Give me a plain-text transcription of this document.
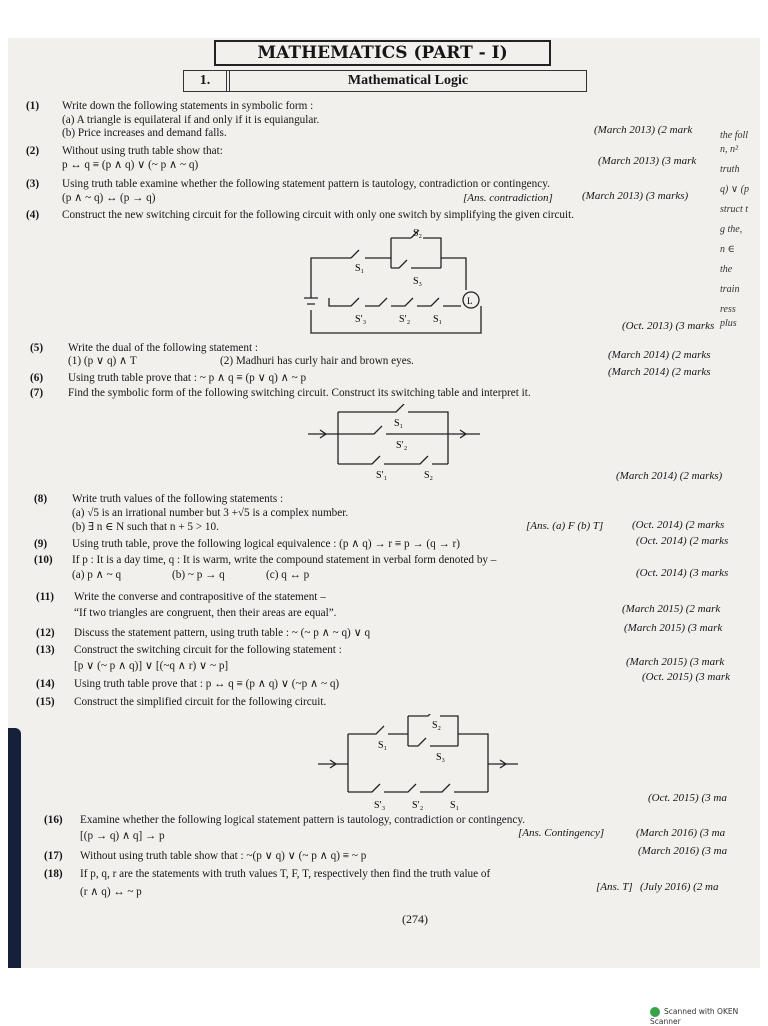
MATHEMATICS (PART - I)
1.	Mathematical Logic
(1) Write down the following statements in symbolic form :
(a) A triangle is equilateral if and only if it is equiangular.
(b) Price increases and demand falls.	(March 2013) (2 mark
(2) Without using truth table show that:
p ↔ q ≡ (p ∧ q) ∨ (~ p ∧ ~ q)	(March 2013) (3 mark
(3) Using truth table examine whether the following statement pattern is tautology, contradiction or contingency.
(p ∧ ~ q) ↔ (p → q)	[Ans. contradiction]	(March 2013) (3 marks)
(4) Construct the new switching circuit for the following circuit with only one switch by simplifying the given circuit.
S₂
S₁
S₃
S′₃	S′₂ S₁
L
(Oct. 2013) (3 marks
(5) Write the dual of the following statement :
(1) (p ∨ q) ∧ T	(2) Madhuri has curly hair and brown eyes.	(March 2014) (2 marks
(6) Using truth table prove that : ~ p ∧ q ≡ (p ∨ q) ∧ ~ p	(March 2014) (2 marks
(7) Find the symbolic form of the following switching circuit. Construct its switching table and interpret it.
S₁
S′₂
S′₁	S₂	(March 2014) (2 marks)
(8) Write truth values of the following statements :
(a) √5 is an irrational number but 3 +√5 is a complex number.
(b) ∃ n ∈ N such that n + 5 > 10.	[Ans. (a) F (b) T]	(Oct. 2014) (2 marks
(9) Using truth table, prove the following logical equivalence : (p ∧ q) → r ≡ p → (q → r)	(Oct. 2014) (2 marks
(10) If p : It is a day time, q : It is warm, write the compound statement in verbal form denoted by –
(a) p ∧ ~ q	(b) ~ p → q	(c) q ↔ p	(Oct. 2014) (3 marks
(11) Write the converse and contrapositive of the statement –
“If two triangles are congruent, then their areas are equal”.	(March 2015) (2 mark
(12) Discuss the statement pattern, using truth table : ~ (~ p ∧ ~ q) ∨ q	(March 2015) (3 mark
(13) Construct the switching circuit for the following statement :
[p ∨ (~ p ∧ q)] ∨ [(~q ∧ r) ∨ ~ p]	(March 2015) (3 mark
(14) Using truth table prove that : p ↔ q ≡ (p ∧ q) ∨ (~p ∧ ~ q)
(Oct. 2015) (3 mark
(15) Construct the simplified circuit for the following circuit.
S₂
S₁
S₃
S′₃	S′₂	S₁
(Oct. 2015) (3 ma
(16) Examine whether the following logical statement pattern is tautology, contradiction or contingency.
[(p → q) ∧ q] → p	[Ans. Contingency]	(March 2016) (3 ma
(17) Without using truth table show that : ~(p ∨ q) ∨ (~ p ∧ q) ≡ ~ p	(March 2016) (3 ma
(18) If p, q, r are the statements with truth values T, F, T, respectively then find the truth value of
(r ∧ q) ↔ ~ p	[Ans. T] (July 2016) (2 ma
the foll
n, n²
truth
q) ∨ (p
struct t
g the,
n ∈
the
train
ress
plus
(274)
Scanned with OKEN Scanner
